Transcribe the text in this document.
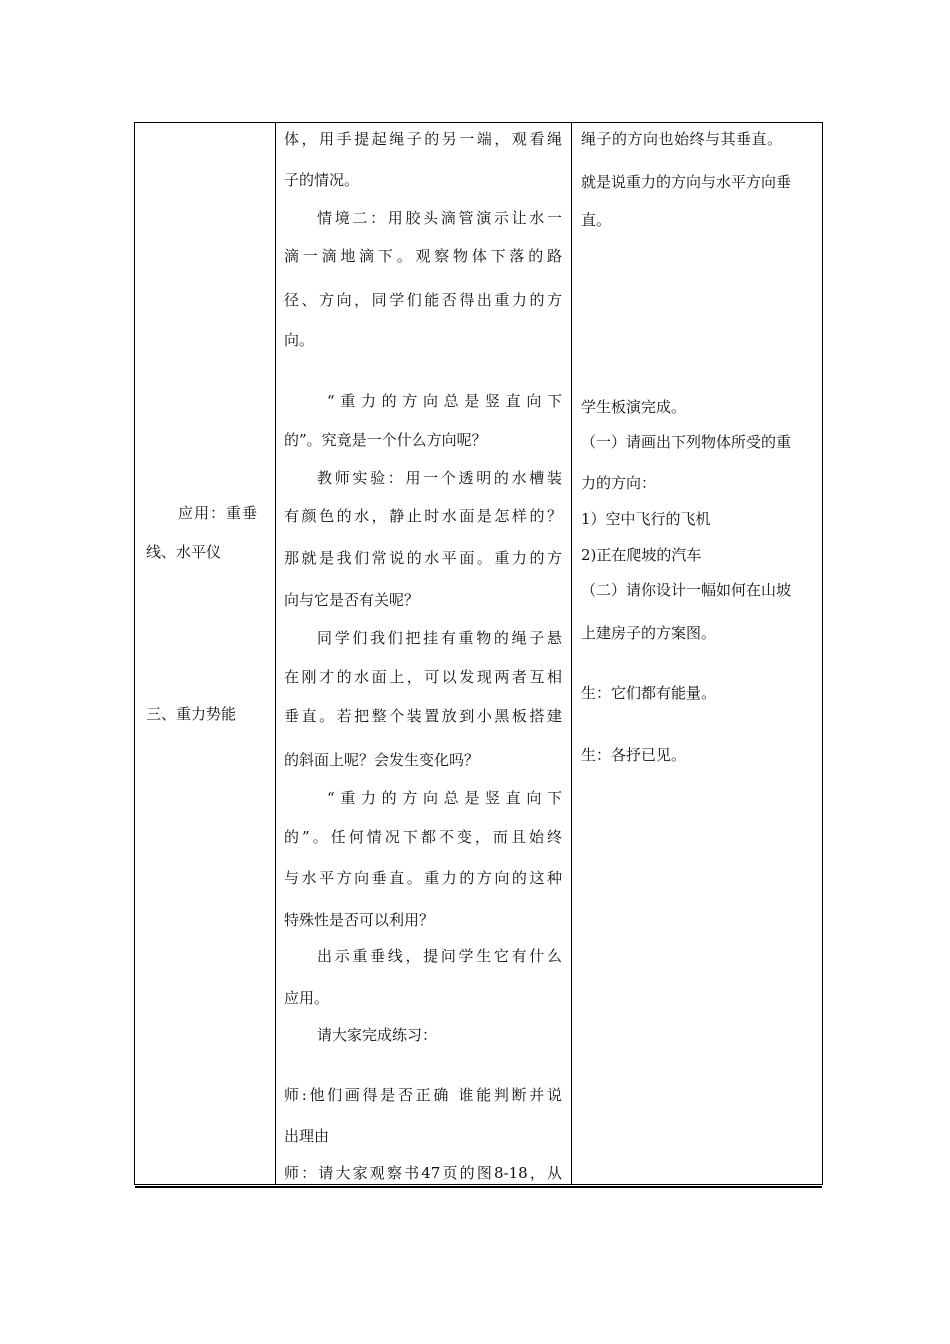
应用：重垂
线、水平仪
三、重力势能
体，用手提起绳子的另一端，观看绳
子的情况。
情境二：用胶头滴管演示让水一
滴一滴地滴下。观察物体下落的路
径、方向，同学们能否得出重力的方
向。
“重力的方向总是竖直向下
的”。究竟是一个什么方向呢？
教师实验：用一个透明的水槽装
有颜色的水，静止时水面是怎样的？
那就是我们常说的水平面。重力的方
向与它是否有关呢？
同学们我们把挂有重物的绳子悬
在刚才的水面上，可以发现两者互相
垂直。若把整个装置放到小黑板搭建
的斜面上呢？会发生变化吗？
“重力的方向总是竖直向下
的”。任何情况下都不变，而且始终
与水平方向垂直。重力的方向的这种
特殊性是否可以利用？
出示重垂线，提问学生它有什么
应用。
请大家完成练习：
师:他们画得是否正确 谁能判断并说
出理由
师：请大家观察书47页的图8-18，从
绳子的方向也始终与其垂直。
就是说重力的方向与水平方向垂
直。
学生板演完成。
（一）请画出下列物体所受的重
力的方向：
1）空中飞行的飞机
2)正在爬坡的汽车
（二）请你设计一幅如何在山坡
上建房子的方案图。
生：它们都有能量。
生：各抒已见。
